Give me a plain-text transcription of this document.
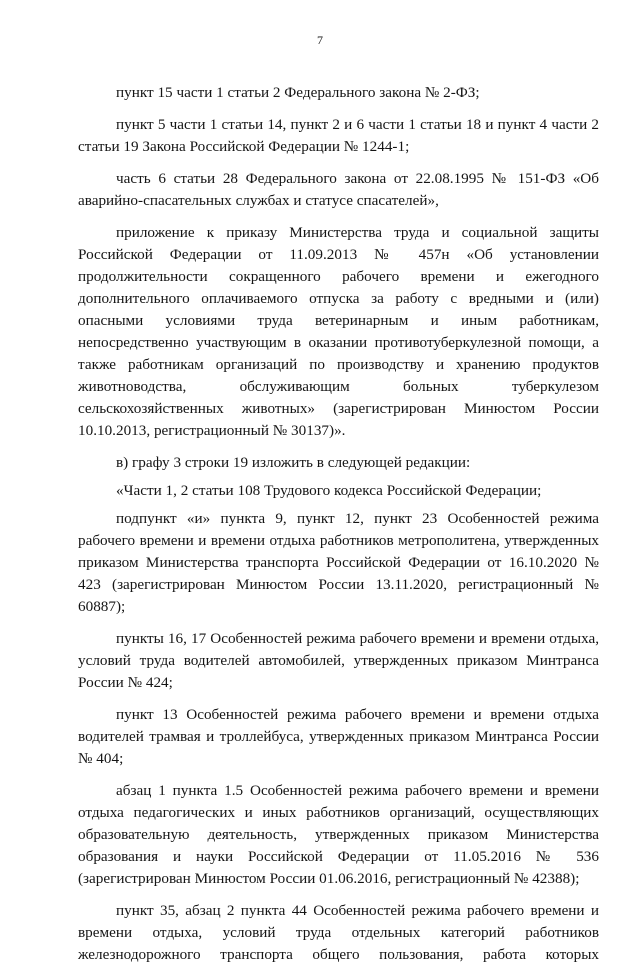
7

пункт 15 части 1 статьи 2 Федерального закона № 2-ФЗ;

пункт 5 части 1 статьи 14, пункт 2 и 6 части 1 статьи 18 и пункт 4 части 2 статьи 19 Закона Российской Федерации № 1244-1;

часть 6 статьи 28 Федерального закона от 22.08.1995 № 151-ФЗ «Об аварийно-спасательных службах и статусе спасателей»,

приложение к приказу Министерства труда и социальной защиты Российской Федерации от 11.09.2013 № 457н «Об установлении продолжительности сокращенного рабочего времени и ежегодного дополнительного оплачиваемого отпуска за работу с вредными и (или) опасными условиями труда ветеринарным и иным работникам, непосредственно участвующим в оказании противотуберкулезной помощи, а также работникам организаций по производству и хранению продуктов животноводства, обслуживающим больных туберкулезом сельскохозяйственных животных» (зарегистрирован Минюстом России 10.10.2013, регистрационный № 30137)».

в) графу 3 строки 19 изложить в следующей редакции:

«Части 1, 2 статьи 108 Трудового кодекса Российской Федерации;

подпункт «и» пункта 9, пункт 12, пункт 23 Особенностей режима рабочего времени и времени отдыха работников метрополитена, утвержденных приказом Министерства транспорта Российской Федерации от 16.10.2020 № 423 (зарегистрирован Минюстом России 13.11.2020, регистрационный № 60887);

пункты 16, 17 Особенностей режима рабочего времени и времени отдыха, условий труда водителей автомобилей, утвержденных приказом Минтранса России № 424;

пункт 13 Особенностей режима рабочего времени и времени отдыха водителей трамвая и троллейбуса, утвержденных приказом Минтранса России № 404;

абзац 1 пункта 1.5 Особенностей режима рабочего времени и времени отдыха педагогических и иных работников организаций, осуществляющих образовательную деятельность, утвержденных приказом Министерства образования и науки Российской Федерации от 11.05.2016 № 536 (зарегистрирован Минюстом России 01.06.2016, регистрационный № 42388);

пункт 35, абзац 2 пункта 44 Особенностей режима рабочего времени и времени отдыха, условий труда отдельных категорий работников железнодорожного транспорта общего пользования, работа которых
